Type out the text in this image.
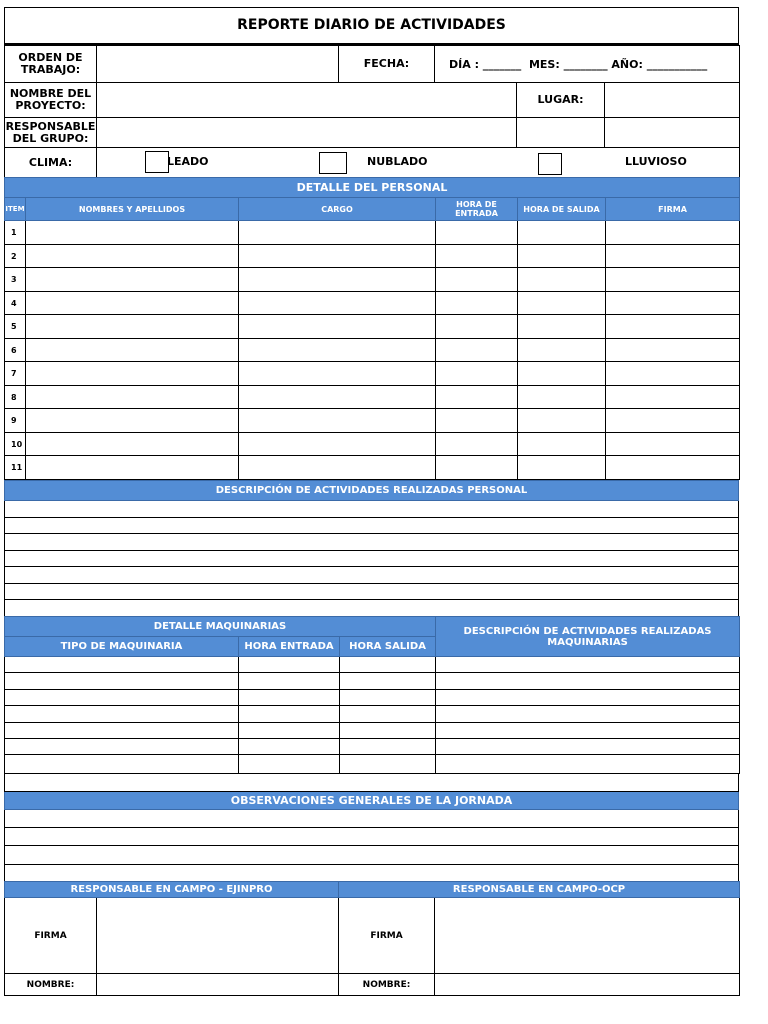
REPORTE DIARIO DE ACTIVIDADES
ORDEN DE TRABAJO:		FECHA:	DÍA : _______  MES: ________ AÑO: ___________		
NOMBRE DEL PROYECTO:				LUGAR:	
RESPONSABLE DEL GRUPO:					
CLIMA:	LEADO	NUBLADO	LLUVIOSO
DETALLE DEL PERSONAL					
ITEM	NOMBRES Y APELLIDOS	CARGO	HORA DE ENTRADA	HORA DE SALIDA	FIRMA
1					
2					
3					
4					
5					
6					
7					
8					
9					
10					
11					
DESCRIPCIÓN DE ACTIVIDADES REALIZADAS PERSONAL

DETALLE MAQUINARIAS			DESCRIPCIÓN DE ACTIVIDADES REALIZADAS MAQUINARIAS
TIPO DE MAQUINARIA	HORA ENTRADA	HORA SALIDA	

OBSERVACIONES GENERALES DE LA JORNADA

RESPONSABLE EN CAMPO - EJINPRO		RESPONSABLE EN CAMPO-OCP	
FIRMA		FIRMA	
NOMBRE:		NOMBRE:	
